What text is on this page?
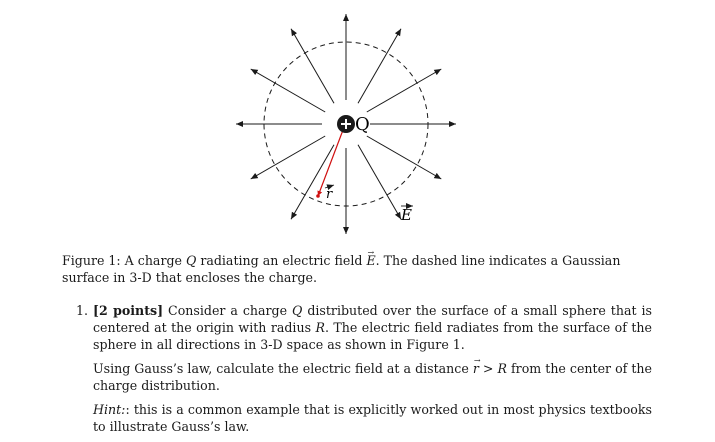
Q
r
E

Figure 1: A charge Q radiating an electric field → E. The dashed line indicates a Gaussian surface in 3-D that encloses the charge.

1. [2 points] Consider a charge Q distributed over the surface of a small sphere that is centered at the origin with radius R. The electric field radiates from the surface of the sphere in all directions in 3-D space as shown in Figure 1.

Using Gauss’s law, calculate the electric field at a distance → r > R from the center of the charge distribution.

Hint:: this is a common example that is explicitly worked out in most physics textbooks to illustrate Gauss’s law.
